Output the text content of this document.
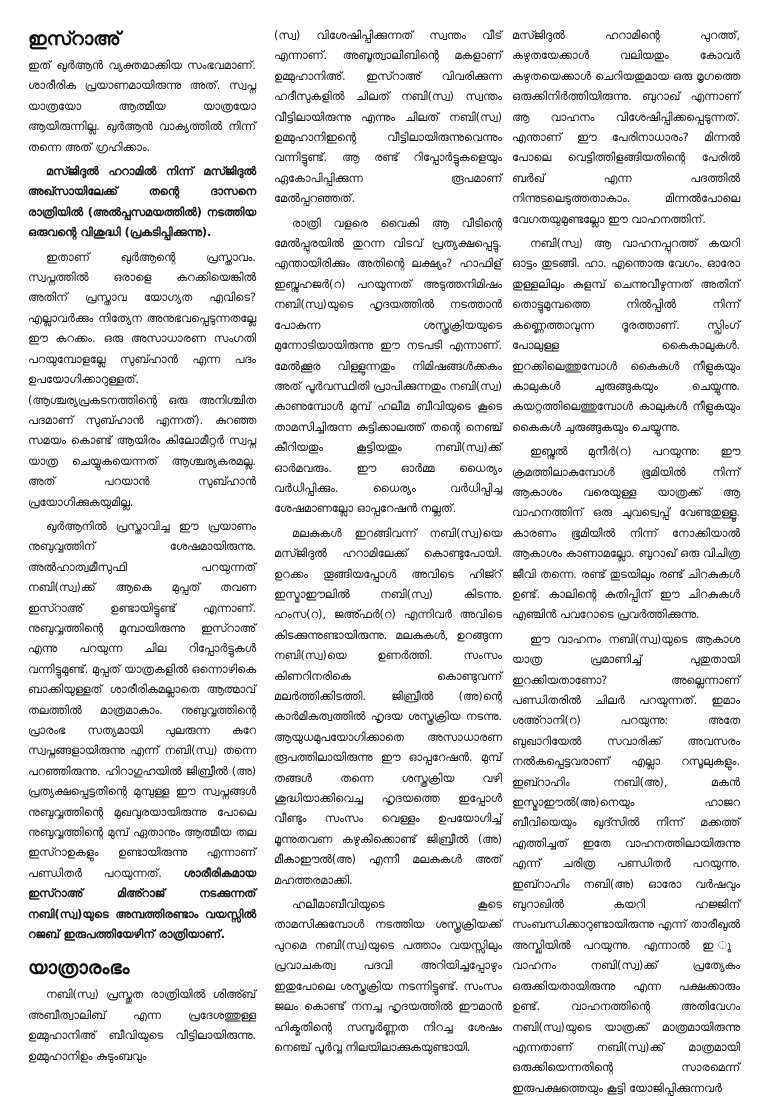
ഇസ്റാഅ്

ഇത് ഖുർആൻ വ്യക്തമാക്കിയ സംഭവമാണ്. ശാരീരിക പ്രയാണമായിരുന്നു അത്. സ്വപ്ന യാത്രയോ ആത്മീയ യാത്രയോ ആയിരുന്നില്ല. ഖുർആൻ വാക്യത്തിൽ നിന്ന് തന്നെ അത് ഗ്രഹിക്കാം.

മസ്ജിദുൽ ഹറാമിൽ നിന്ന് മസ്ജിദുൽ അഖ്സായിലേക്ക് തന്റെ ദാസനെ രാത്രിയിൽ (അൽപ്പസമയത്തിൽ) നടത്തിയ ഒരുവന്റെ വിശുദ്ധി (പ്രകടിപ്പിക്കുന്നു).

ഇതാണ് ഖുർആന്റെ പ്രസ്താവം. സ്വപ്നത്തിൽ ഒരാളെ കറക്കിയെങ്കിൽ അതിന് പ്രസ്താവ യോഗ്യത എവിടെ? എല്ലാവർക്കും നിത്യേന അനുഭവപ്പെടുന്നതല്ലേ ഈ കറക്കം. ഒരു അസാധാരണ സംഗതി പറയുമ്പോളല്ലേ സുബ്ഹാൻ എന്ന പദം ഉപയോഗിക്കാറുള്ളത്. (ആശ്ചര്യപ്രകടനത്തിന്റെ ഒരു അനിശ്ചിത പദമാണ് സുബ്ഹാൻ എന്നത്). കുറഞ്ഞ സമയം കൊണ്ട് ആയിരം കിലോമീറ്റർ സ്വപ്ന യാത്ര ചെയ്യുകയെന്നത് ആശ്ചര്യകരമല്ല. അത് പറയാൻ സുബ്ഹാൻ പ്രയോഗിക്കുകയുമില്ല.

ഖുർആനിൽ പ്രസ്താവിച്ച ഈ പ്രയാണം നുബുവ്വത്തിന് ശേഷമായിരുന്നു. അൽഹാത്വമീസുഫി പറയുന്നത് നബി(സ്വ)ക്ക് ആകെ മുപ്പത് തവണ ഇസ്റാഅ് ഉണ്ടായിട്ടുണ്ട് എന്നാണ്. നുബുവ്വത്തിന്റെ മുമ്പായിരുന്നു ഇസ്റാഅ് എന്നു പറയുന്ന ചില റിപ്പോർട്ടുകൾ വന്നിട്ടുമുണ്ട്. മുപ്പത് യാത്രകളിൽ ഒന്നൊഴികെ ബാക്കിയുള്ളത് ശാരീരികമല്ലാതെ ആത്മാവ് തലത്തിൽ മാത്രമാകാം. നുബുവ്വത്തിന്റെ പ്രാരംഭ സത്യമായി പുലരുന്ന കുറേ സ്വപ്നങ്ങളായിരുന്നു എന്ന് നബി(സ്വ) തന്നെ പറഞ്ഞിരുന്നു. ഹിറാഗുഹയിൽ ജിബ്രീൽ (അ) പ്രത്യക്ഷപ്പെട്ടതിന്റെ മുമ്പുള്ള ഈ സ്വപ്നങ്ങൾ നുബുവ്വത്തിന്റെ മുഖവുരയായിരുന്നു പോലെ നുബുവ്വത്തിന്റെ മുമ്പ് ഏതാനും ആത്മീയ തല ഇസ്റാഉകളും ഉണ്ടായിരുന്നു എന്നാണ് പണ്ഡിതർ പറയുന്നത്. ശാരീരികമായ ഇസ്റാഅ് മിഅ്റാജ് നടക്കുന്നത് നബി(സ്വ)യുടെ അമ്പത്തിരണ്ടാം വയസ്സിൽ റജബ് ഇരുപത്തിയേഴിന് രാത്രിയാണ്.

യാത്രാരംഭം

നബി(സ്വ) പ്രസ്തുത രാത്രിയിൽ ശിഅ്ബ് അബീത്വാലിബ് എന്ന പ്രദേശത്തുള്ള ഉമ്മുഹാനിഅ് ബീവിയുടെ വീട്ടിലായിരുന്നു. ഉമ്മുഹാനിഉം കുടുംബവും

(സ്വ) വിശേഷിപ്പിക്കുന്നത് സ്വന്തം വീട് എന്നാണ്. അബൂത്വാലിബിന്റെ മകളാണ് ഉമ്മുഹാനിഅ്. ഇസ്റാഅ് വിവരിക്കുന്ന ഹദീസുകളിൽ ചിലത് നബി(സ്വ) സ്വന്തം വീട്ടിലായിരുന്നു എന്നും ചിലത് നബി(സ്വ) ഉമ്മുഹാനിഇന്റെ വീട്ടിലായിരുന്നുവെന്നും വന്നിട്ടുണ്ട്. ആ രണ്ട് റിപ്പോർട്ടുകളെയും ഏകോപിപ്പിക്കുന്ന രൂപമാണ് മേൽപ്പറഞ്ഞത്.

രാത്രി വളരെ വൈകി ആ വീടിന്റെ മേൽപ്പുരയിൽ തുറന്ന വിടവ് പ്രത്യക്ഷപ്പെട്ടു. എന്തായിരിക്കും അതിന്റെ ലക്ഷ്യം? ഹാഫിള് ഇബ്നുഹജർ(റ) പറയുന്നത് അടുത്തനിമിഷം നബി(സ്വ)യുടെ ഹൃദയത്തിൽ നടത്താൻ പോകുന്ന ശസ്ത്രക്രിയയുടെ മുന്നോടിയായിരുന്നു ഈ നടപടി എന്നാണ്. മേൽക്കൂര വിള്ളുന്നതും നിമിഷങ്ങൾക്കകം അത് പൂർവസ്ഥിതി പ്രാപിക്കുന്നതും നബി(സ്വ) കാണുമ്പോൾ മുമ്പ് ഹലീമ ബീവിയുടെ കൂടെ താമസിച്ചിരുന്ന കുട്ടിക്കാലത്ത് തന്റെ നെഞ്ച് കീറിയതും കൂട്ടിയതും നബി(സ്വ)ക്ക് ഓർമവരും. ഈ ഓർമ്മ ധൈര്യം വർധിപ്പിക്കും. ധൈര്യം വർധിപ്പിച്ച ശേഷമാണല്ലോ ഓപ്പറേഷൻ നല്ലത്.

മലകുകൾ ഇറങ്ങിവന്ന് നബി(സ്വ)യെ മസ്ജിദുൽ ഹറാമിലേക്ക് കൊണ്ടുപോയി. ഉറക്കം തൂങ്ങിയപ്പോൾ അവിടെ ഹിജ്റ് ഇസ്മാഈലിൽ നബി(സ്വ) കിടന്നു. ഹംസ(റ), ജഅ്ഫർ(റ) എന്നിവർ അവിടെ കിടക്കുന്നുണ്ടായിരുന്നു. മലകുകൾ, ഉറങ്ങുന്ന നബി(സ്വ)യെ ഉണർത്തി. സംസം കിണറിനരികെ കൊണ്ടുവന്ന് മലർത്തിക്കിടത്തി. ജിബ്രീൽ (അ)ന്റെ കാർമികത്വത്തിൽ ഹൃദയ ശസ്ത്രക്രിയ നടന്നു. ആയുധമുപയോഗിക്കാതെ അസാധാരണ രൂപത്തിലായിരുന്നു ഈ ഓപ്പറേഷൻ. മുമ്പ് തങ്ങൾ തന്നെ ശസ്ത്രക്രിയ വഴി ശുദ്ധിയാക്കിവെച്ച ഹൃദയത്തെ ഇപ്പോൾ വീണ്ടും സംസം വെള്ളം ഉപയോഗിച്ച് മൂന്നുതവണ കഴുകിക്കൊണ്ട് ജിബ്രീൽ (അ) മീകാഈൽ(അ) എന്നീ മലകുകൾ അത് മഹത്തരമാക്കി.

ഹലീമാബീവിയുടെ കൂടെ താമസിക്കുമ്പോൾ നടത്തിയ ശസ്ത്രക്രിയക്ക് പുറമെ നബി(സ്വ)യുടെ പത്താം വയസ്സിലും പ്രവാചകത്വ പദവി അറിയിച്ചപ്പോഴും ഇതുപോലെ ശസ്ത്രക്രിയ നടന്നിട്ടുണ്ട്. സംസം ജലം കൊണ്ട് നനച്ച ഹൃദയത്തിൽ ഈമാൻ ഹിക്മതിന്റെ സമ്പൂർണ്ണത നിറച്ച ശേഷം നെഞ്ച് പൂർവ്വ നിലയിലാക്കുകയുണ്ടായി.

മസ്ജിദുൽ ഹറാമിന്റെ പുറത്ത്, കഴുതയേക്കാൾ വലിയതും കോവർ കഴുതയെക്കാൾ ചെറിയതുമായ ഒരു മൃഗത്തെ ഒരുക്കിനിർത്തിയിരുന്നു. ബുറാഖ് എന്നാണ് ആ വാഹനം വിശേഷിപ്പിക്കപ്പെടുന്നത്. എന്താണ് ഈ പേരിനാധാരം? മിന്നൽ പോലെ വെട്ടിത്തിളങ്ങിയതിന്റെ പേരിൽ ബർഖ് എന്ന പദത്തിൽ നിന്നുടലെടുത്തതാകാം. മിന്നൽപോലെ വേഗതയുമുണ്ടല്ലോ ഈ വാഹനത്തിന്.

നബി(സ്വ) ആ വാഹനപ്പുറത്ത് കയറി ഓട്ടം തുടങ്ങി. ഹാ. എന്തൊരു വേഗം. ഓരോ തുള്ളലിലും കുളമ്പ് ചെന്നുവീഴുന്നത് അതിന് തൊട്ടുമുമ്പത്തെ നിൽപ്പിൽ നിന്ന് കണ്ണെത്താവുന്ന ദൂരത്താണ്. സ്പ്രിംഗ് പോലുള്ള കൈകാലുകൾ. ഇറക്കിലെത്തുമ്പോൾ കൈകൾ നീളുകയും കാലുകൾ ചുരുങ്ങുകയും ചെയ്യുന്നു. കയറ്റത്തിലെത്തുമ്പോൾ കാലുകൾ നീളുകയും കൈകൾ ചുരുങ്ങുകയും ചെയ്യുന്നു.

ഇബ്നുൽ മുനീർ(റ) പറയുന്നു: ഈ ക്രമത്തിലാകുമ്പോൾ ഭൂമിയിൽ നിന്ന് ആകാശം വരെയുള്ള യാത്രക്ക് ആ വാഹനത്തിന് ഒരു ചുവട്വെപ്പ് വേണ്ടതുള്ളൂ. കാരണം ഭൂമിയിൽ നിന്ന് നോക്കിയാൽ ആകാശം കാണാമല്ലോ. ബുറാഖ് ഒരു വിചിത്ര ജീവി തന്നെ. രണ്ട് തുടയിലും രണ്ട് ചിറകുകൾ ഉണ്ട്. കാലിന്റെ കുതിപ്പിന് ഈ ചിറകുകൾ എഞ്ചിൻ പവറോടെ പ്രവർത്തിക്കുന്നു.

ഈ വാഹനം നബി(സ്വ)യുടെ ആകാശ യാത്ര പ്രമാണിച്ച് പുതുതായി ഇറക്കിയതാണോ? അല്ലെന്നാണ് പണ്ഡിതരിൽ ചിലർ പറയുന്നത്. ഇമാം ശഅ്റാനി(റ) പറയുന്നു: അതേ ബുഖാറിയേൽ സവാരിക്ക് അവസരം നൽകപ്പെട്ടവരാണ് എല്ലാ റസൂലുകളും. ഇബ്റാഹിം നബി(അ), മകൻ ഇസ്മാഈൽ(അ)നെയും ഹാജറ ബീവിയെയും ഖുദ്സിൽ നിന്ന് മക്കത്ത് എത്തിച്ചത് ഇതേ വാഹനത്തിലായിരുന്നു എന്ന് ചരിത്ര പണ്ഡിതർ പറയുന്നു. ഇബ്റാഹിം നബി(അ) ഓരോ വർഷവും ബുറാഖിൽ കയറി ഹജ്ജിന് സംബന്ധിക്കാറുണ്ടായിരുന്നു എന്ന് താരീഖുൽ അസ്ഖിയിൽ പറയുന്നു. എന്നാൽ ഇ ു വാഹനം നബി(സ്വ)ക്ക് പ്രത്യേകം ഒരുക്കിയതായിരുന്നു എന്ന പക്ഷക്കാരും ഉണ്ട്. വാഹനത്തിന്റെ അതിവേഗം നബി(സ്വ)യുടെ യാത്രക്ക് മാത്രമായിരുന്നു എന്നതാണ് നബി(സ്വ)ക്ക് മാത്രമായി ഒരുക്കിയെന്നതിന്റെ സാരമെന്ന് ഇരുപക്ഷത്തെയും കൂട്ടി യോജിപ്പിക്കുന്നവർ
